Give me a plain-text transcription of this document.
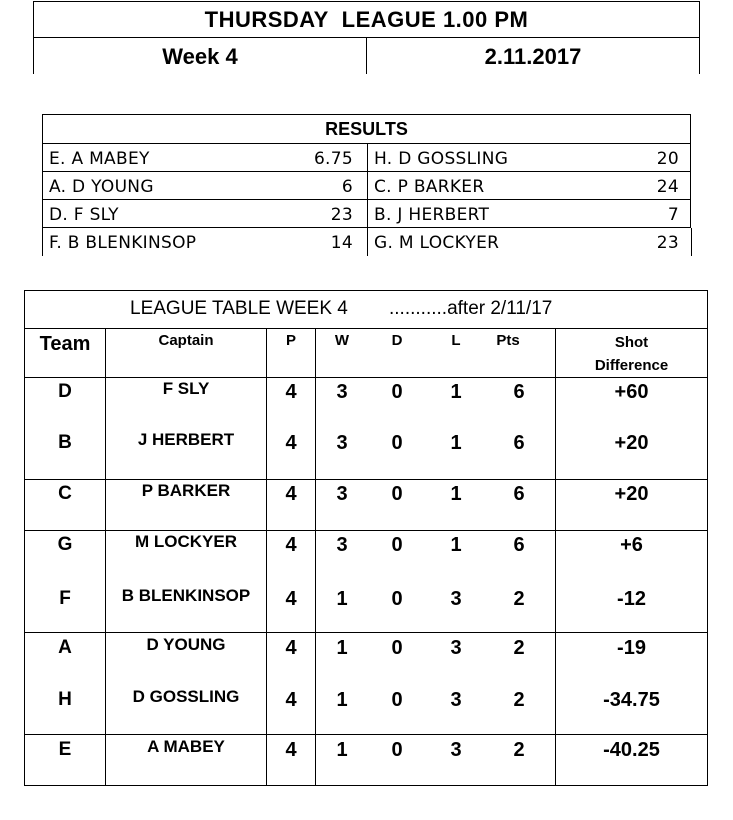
THURSDAY  LEAGUE 1.00 PM
Week 4	2.11.2017
RESULTS
E. A MABEY	6.75 H. D GOSSLING	20
A. D YOUNG	6 C. P BARKER	24
D. F SLY	23 B. J HERBERT	7
F. B BLENKINSOP	14 G. M LOCKYER	23
LEAGUE TABLE WEEK 4 ...........after 2/11/17
Team	Captain	P	W	D	L	Pts	Shot
Difference
D	F SLY	4	3	0	1	6	+60
B	J HERBERT	4	3	0	1	6	+20
C	P BARKER	4	3	0	1	6	+20
G	M LOCKYER	4	3	0	1	6	+6
F	B BLENKINSOP	4	1	0	3	2	-12
A	D YOUNG	4	1	0	3	2	-19
H	D GOSSLING	4	1	0	3	2	-34.75
E	A MABEY	4	1	0	3	2	-40.25
